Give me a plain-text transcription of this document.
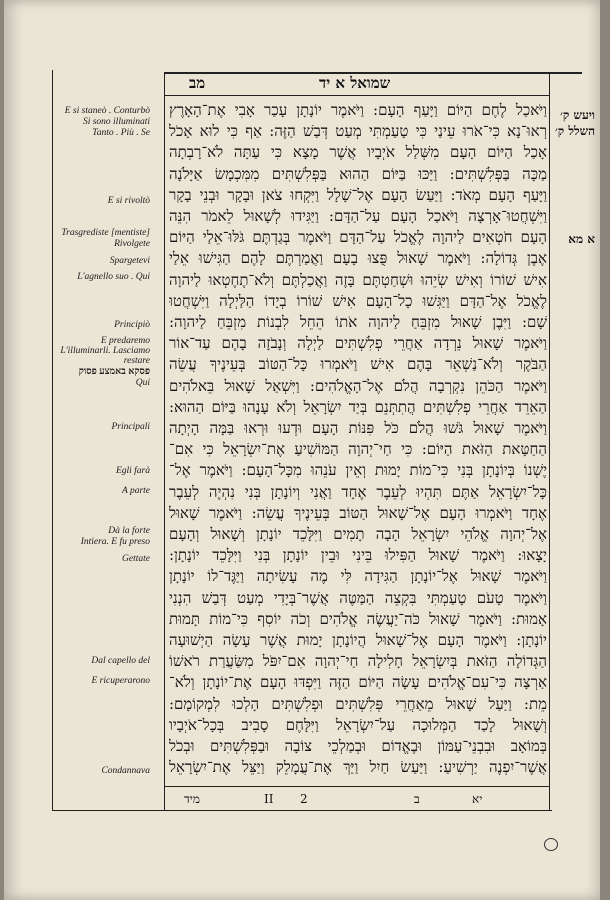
מב	שמואל א יד
E si staneò . Conturbò
Si sono illuminati
Tanto . Più . Se
E si rivoltò
Trasgrediste [mentiste]
Rivolgete
Spargetevi
L'agnello suo . Qui
Principiò
E predaremo
L'illuminarli. Lasciamo
restare
פסקא באמצע פסוק
Qui
Principali
Egli farà
A parte
Dà la forte
Intiera. E fu preso
Gettate
Dal capello del
E ricuperarono
Condannava
ויעש ק׳
השלל ק׳
א מא
וַיֹּאכַל לֶחֶם הַיּוֹם וַיָּעַף הָעָם: וַיֹּאמֶר יוֹנָתָן עָכַר אָבִי אֶת־הָאָרֶץ
רְאוּ־נָא כִּי־אֹרוּ עֵינַי כִּי טָעַמְתִּי מְעַט דְּבַשׁ הַזֶּה: אַף כִּי לוּא אָכֹל
אָכַל הַיּוֹם הָעָם מִשְּׁלַל אֹיְבָיו אֲשֶׁר מָצָא כִּי עַתָּה לֹא־רָבְתָה
מַכָּה בַּפְּלִשְׁתִּים: וַיַּכּוּ בַּיּוֹם הַהוּא בַּפְּלִשְׁתִּים מִמִּכְמָשׂ אַיָּלֹנָה
וַיָּעַף הָעָם מְאֹד: וַיַּעַשׂ הָעָם אֶל־שָׁלָל וַיִּקְחוּ צֹאן וּבָקָר וּבְנֵי בָקָר
וַיִּשְׁחֲטוּ־אָרְצָה וַיֹּאכַל הָעָם עַל־הַדָּם: וַיַּגִּידוּ לְשָׁאוּל לֵאמֹר הִנֵּה
הָעָם חֹטְאִים לַיהוָה לֶאֱכֹל עַל־הַדָּם וַיֹּאמֶר בְּגַדְתֶּם גֹּלּוּ־אֵלַי הַיּוֹם
אֶבֶן גְּדוֹלָה: וַיֹּאמֶר שָׁאוּל פֻּצוּ בָעָם וַאֲמַרְתֶּם לָהֶם הַגִּישׁוּ אֵלַי
אִישׁ שׁוֹרוֹ וְאִישׁ שְׂיֵהוּ וּשְׁחַטְתֶּם בָּזֶה וַאֲכַלְתֶּם וְלֹא־תֶחֶטְאוּ לַיהוָה
לֶאֱכֹל אֶל־הַדָּם וַיַּגִּשׁוּ כָל־הָעָם אִישׁ שׁוֹרוֹ בְיָדוֹ הַלַּיְלָה וַיִּשְׁחֲטוּ
שָׁם: וַיִּבֶן שָׁאוּל מִזְבֵּחַ לַיהוָה אֹתוֹ הֵחֵל לִבְנוֹת מִזְבֵּחַ לַיהוָה:
וַיֹּאמֶר שָׁאוּל נֵרְדָה אַחֲרֵי פְלִשְׁתִּים לַיְלָה וְנָבֹזָה בָהֶם עַד־אוֹר
הַבֹּקֶר וְלֹא־נַשְׁאֵר בָּהֶם אִישׁ וַיֹּאמְרוּ כָּל־הַטּוֹב בְּעֵינֶיךָ עֲשֵׂה
וַיֹּאמֶר הַכֹּהֵן נִקְרְבָה הֲלֹם אֶל־הָאֱלֹהִים: וַיִּשְׁאַל שָׁאוּל בֵּאלֹהִים
הַאֵרֵד אַחֲרֵי פְלִשְׁתִּים הֲתִתְּנֵם בְּיַד יִשְׂרָאֵל וְלֹא עָנָהוּ בַּיּוֹם הַהוּא:
וַיֹּאמֶר שָׁאוּל גֹּשׁוּ הֲלֹם כֹּל פִּנּוֹת הָעָם וּדְעוּ וּרְאוּ בַּמָּה הָיְתָה
הַחַטָּאת הַזֹּאת הַיּוֹם: כִּי חַי־יְהוָה הַמּוֹשִׁיעַ אֶת־יִשְׂרָאֵל כִּי אִם־
יֶשְׁנוֹ בְּיוֹנָתָן בְּנִי כִּי־מוֹת יָמוּת וְאֵין עֹנֵהוּ מִכָּל־הָעָם: וַיֹּאמֶר אֶל־
כָּל־יִשְׂרָאֵל אַתֶּם תִּהְיוּ לְעֵבֶר אֶחָד וַאֲנִי וְיוֹנָתָן בְּנִי נִהְיֶה לְעֵבֶר
אֶחָד וַיֹּאמְרוּ הָעָם אֶל־שָׁאוּל הַטּוֹב בְּעֵינֶיךָ עֲשֵׂה: וַיֹּאמֶר שָׁאוּל
אֶל־יְהוָה אֱלֹהֵי יִשְׂרָאֵל הָבָה תָמִים וַיִּלָּכֵד יוֹנָתָן וְשָׁאוּל וְהָעָם
יָצָאוּ: וַיֹּאמֶר שָׁאוּל הַפִּילוּ בֵּינִי וּבֵין יוֹנָתָן בְּנִי וַיִּלָּכֵד יוֹנָתָן:
וַיֹּאמֶר שָׁאוּל אֶל־יוֹנָתָן הַגִּידָה לִּי מֶה עָשִׂיתָה וַיַּגֶּד־לוֹ יוֹנָתָן
וַיֹּאמֶר טָעֹם טָעַמְתִּי בִּקְצֵה הַמַּטֶּה אֲשֶׁר־בְּיָדִי מְעַט דְּבַשׁ הִנְנִי
אָמוּת: וַיֹּאמֶר שָׁאוּל כֹּה־יַעֲשֶׂה אֱלֹהִים וְכֹה יוֹסִף כִּי־מוֹת תָּמוּת
יוֹנָתָן: וַיֹּאמֶר הָעָם אֶל־שָׁאוּל הֲיוֹנָתָן יָמוּת אֲשֶׁר עָשָׂה הַיְשׁוּעָה
הַגְּדוֹלָה הַזֹּאת בְּיִשְׂרָאֵל חָלִילָה חַי־יְהוָה אִם־יִפֹּל מִשַּׂעֲרַת רֹאשׁוֹ
אַרְצָה כִּי־עִם־אֱלֹהִים עָשָׂה הַיּוֹם הַזֶּה וַיִּפְדּוּ הָעָם אֶת־יוֹנָתָן וְלֹא־
מֵת: וַיַּעַל שָׁאוּל מֵאַחֲרֵי פְּלִשְׁתִּים וּפְלִשְׁתִּים הָלְכוּ לִמְקוֹמָם:
וְשָׁאוּל לָכַד הַמְּלוּכָה עַל־יִשְׂרָאֵל וַיִּלָּחֶם סָבִיב בְּכָל־אֹיְבָיו
בְּמוֹאָב וּבִבְנֵי־עַמּוֹן וּבֶאֱדוֹם וּבְמַלְכֵי צוֹבָה וּבַפְּלִשְׁתִּים וּבְכֹל
אֲשֶׁר־יִפְנֶה יַרְשִׁיעַ: וַיַּעַשׂ חַיִל וַיַּךְ אֶת־עֲמָלֵק וַיַּצֵּל אֶת־יִשְׂרָאֵל
מיד	II 2	ב	יא
